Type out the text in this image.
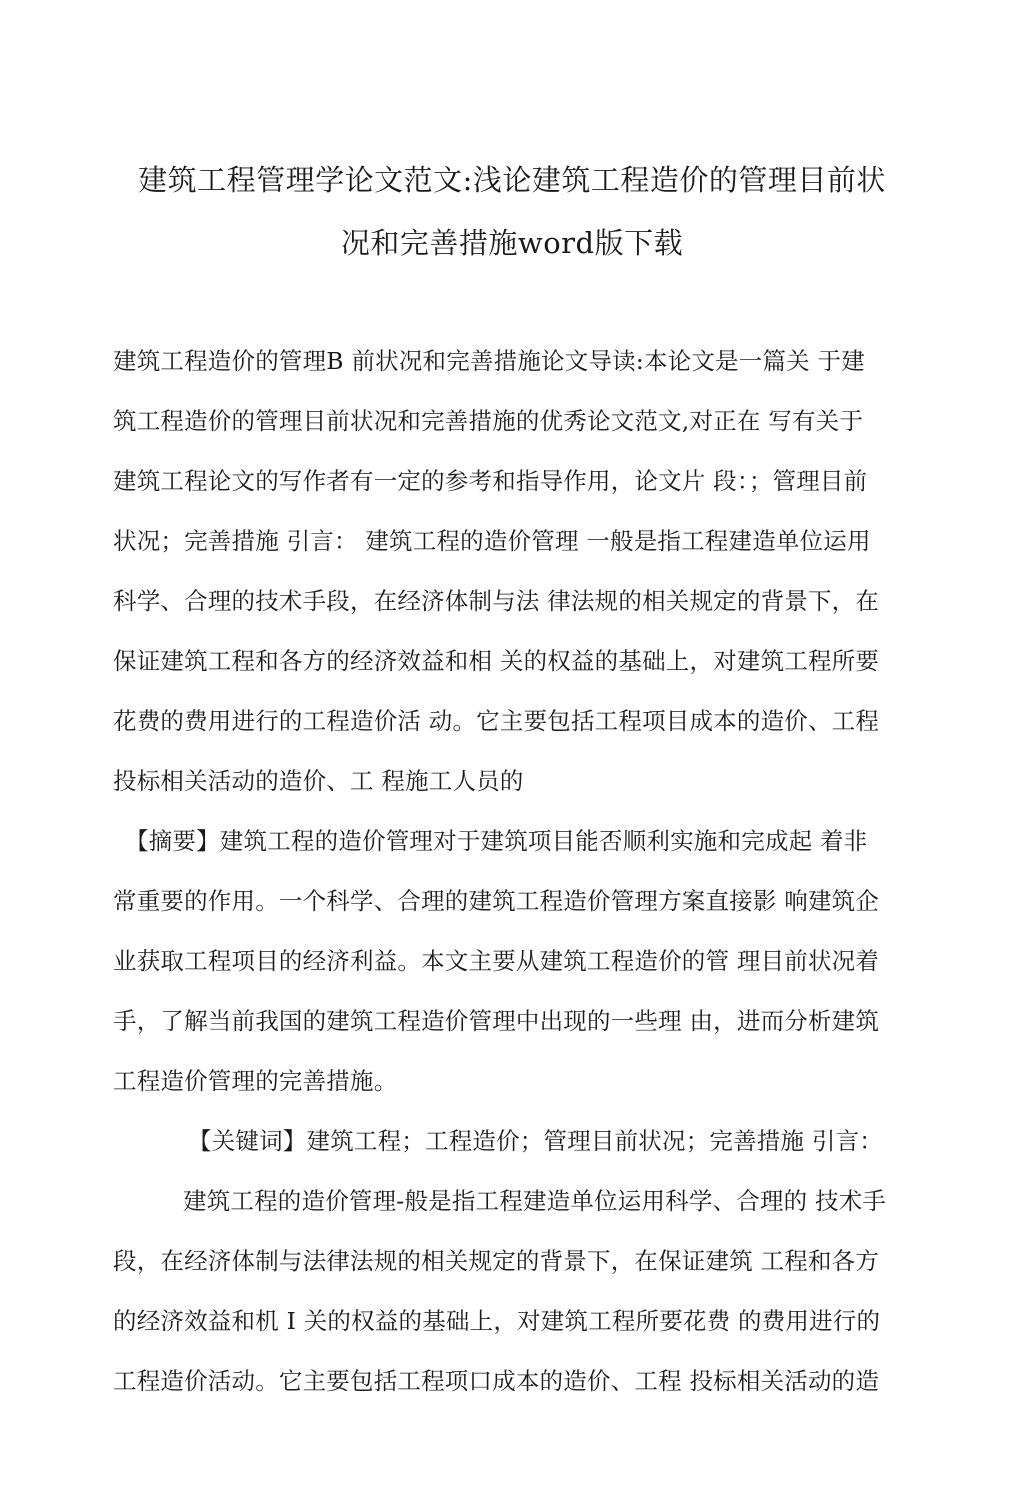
建筑工程管理学论文范文:浅论建筑工程造价的管理目前状
况和完善措施word版下载
建筑工程造价的管理B 前状况和完善措施论文导读:本论文是一篇关 于建
筑工程造价的管理目前状况和完善措施的优秀论文范文,对正在 写有关于
建筑工程论文的写作者有一定的参考和指导作用，论文片 段：；管理目前
状况；完善措施 引言： 建筑工程的造价管理 一般是指工程建造单位运用
科学、合理的技术手段，在经济体制与法 律法规的相关规定的背景下，在
保证建筑工程和各方的经济效益和相 关的权益的基础上，对建筑工程所要
花费的费用进行的工程造价活 动。它主要包括工程项目成本的造价、工程
投标相关活动的造价、工 程施工人员的
【摘要】建筑工程的造价管理对于建筑项目能否顺利实施和完成起 着非
常重要的作用。一个科学、合理的建筑工程造价管理方案直接影 响建筑企
业获取工程项目的经济利益。本文主要从建筑工程造价的管 理目前状况着
手，了解当前我国的建筑工程造价管理中出现的一些理 由，进而分析建筑
工程造价管理的完善措施。
【关键词】建筑工程；工程造价；管理目前状况；完善措施 引言：
建筑工程的造价管理-般是指工程建造单位运用科学、合理的 技术手
段，在经济体制与法律法规的相关规定的背景下，在保证建筑 工程和各方
的经济效益和机 I 关的权益的基础上，对建筑工程所要花费 的费用进行的
工程造价活动。它主要包括工程项口成本的造价、工程 投标相关活动的造
